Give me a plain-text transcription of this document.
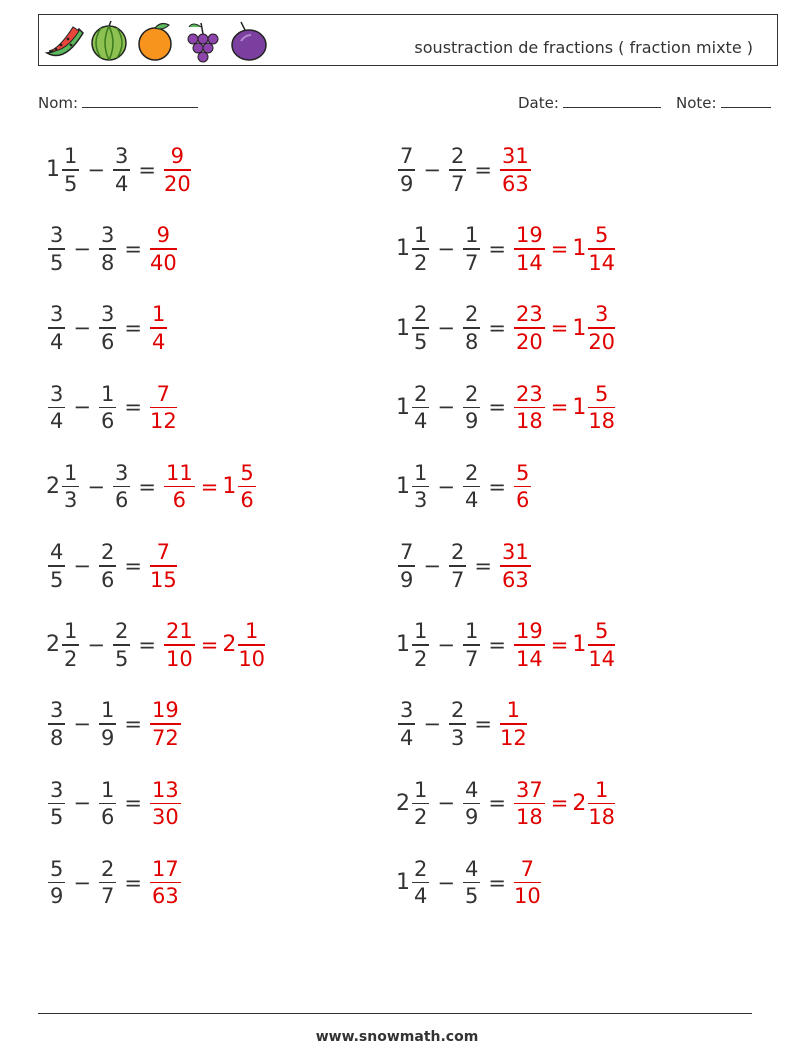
soustraction de fractions ( fraction mixte )
Nom:	Date:	Note:
$1 \frac{1}{5} - \frac{3}{4} = \frac{9}{20}$	$\frac{7}{9} - \frac{2}{7} = \frac{31}{63}$
$\frac{3}{5} - \frac{3}{8} = \frac{9}{40}$	$1 \frac{1}{2} - \frac{1}{7} = \frac{19}{14} = 1 \frac{5}{14}$
$\frac{3}{4} - \frac{3}{6} = \frac{1}{4}$	$1 \frac{2}{5} - \frac{2}{8} = \frac{23}{20} = 1 \frac{3}{20}$
$\frac{3}{4} - \frac{1}{6} = \frac{7}{12}$	$1 \frac{2}{4} - \frac{2}{9} = \frac{23}{18} = 1 \frac{5}{18}$
$2 \frac{1}{3} - \frac{3}{6} = \frac{11}{6} = 1 \frac{5}{6}$	$1 \frac{1}{3} - \frac{2}{4} = \frac{5}{6}$
$\frac{4}{5} - \frac{2}{6} = \frac{7}{15}$	$\frac{7}{9} - \frac{2}{7} = \frac{31}{63}$
$2 \frac{1}{2} - \frac{2}{5} = \frac{21}{10} = 2 \frac{1}{10}$	$1 \frac{1}{2} - \frac{1}{7} = \frac{19}{14} = 1 \frac{5}{14}$
$\frac{3}{8} - \frac{1}{9} = \frac{19}{72}$	$\frac{3}{4} - \frac{2}{3} = \frac{1}{12}$
$\frac{3}{5} - \frac{1}{6} = \frac{13}{30}$	$2 \frac{1}{2} - \frac{4}{9} = \frac{37}{18} = 2 \frac{1}{18}$
$\frac{5}{9} - \frac{2}{7} = \frac{17}{63}$	$1 \frac{2}{4} - \frac{4}{5} = \frac{7}{10}$
www.snowmath.com
